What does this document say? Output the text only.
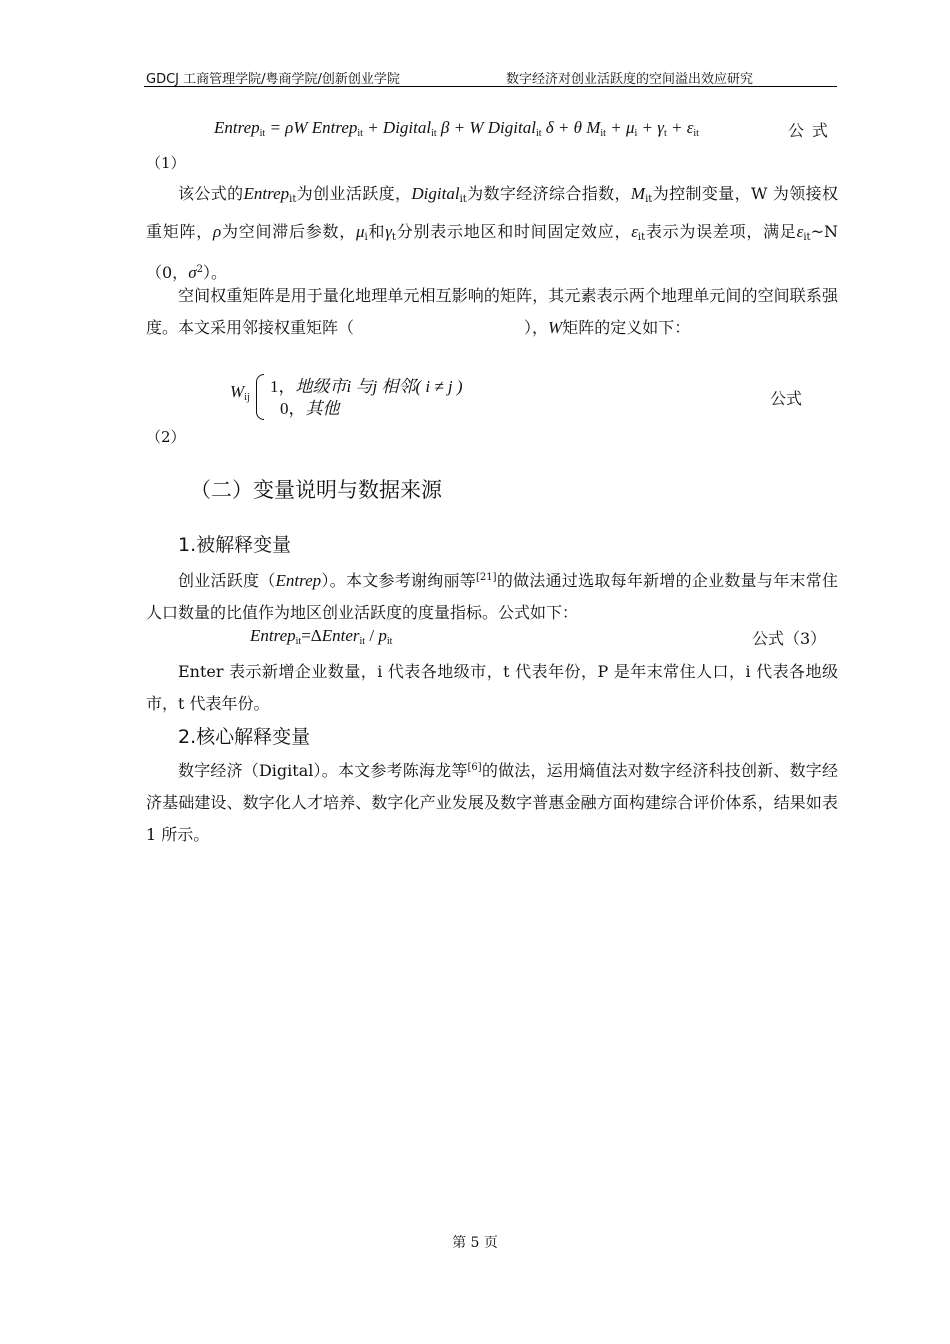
GDCJ 工商管理学院/粤商学院/创新创业学院	数字经济对创业活跃度的空间溢出效应研究
Entrep$_{it}$ = ρW Entrep$_{it}$ + Digital$_{it}$ β + W Digital$_{it}$ δ + θ $M_{it} + \mu_i + \gamma_t + \varepsilon_{it}$	公式
（1）

该公式的Entrep$_{it}$为创业活跃度，Digital$_{it}$为数字经济综合指数，$M_{it}$为控制变量，W 为领接权重矩阵，ρ为空间滞后参数，$\mu_i$和$\gamma_t$分别表示地区和时间固定效应，$\varepsilon_{it}$表示为误差项，满足$\varepsilon_{it}\sim N(0$，$\sigma^2$）。

空间权重矩阵是用于量化地理单元相互影响的矩阵，其元素表示两个地理单元间的空间联系强度。本文采用邻接权重矩阵（	），W矩阵的定义如下：

$W_{ij}$
1，地级市i 与j 相邻( i ≠ j )
0，其他
公式
（2）
（二）变量说明与数据来源
1.被解释变量

创业活跃度（Entrep）。本文参考谢绚丽等[21]的做法通过选取每年新增的企业数量与年末常住人口数量的比值作为地区创业活跃度的度量指标。公式如下：

Entrep$_{it}$=ΔEnter$_{it}$ / $p_{it}$	公式（3）

Enter 表示新增企业数量，i 代表各地级市，t 代表年份，P 是年末常住人口，i 代表各地级市，t 代表年份。

2.核心解释变量

数字经济（Digital）。本文参考陈海龙等[6]的做法，运用熵值法对数字经济科技创新、数字经济基础建设、数字化人才培养、数字化产业发展及数字普惠金融方面构建综合评价体系，结果如表 1 所示。

第 5 页
